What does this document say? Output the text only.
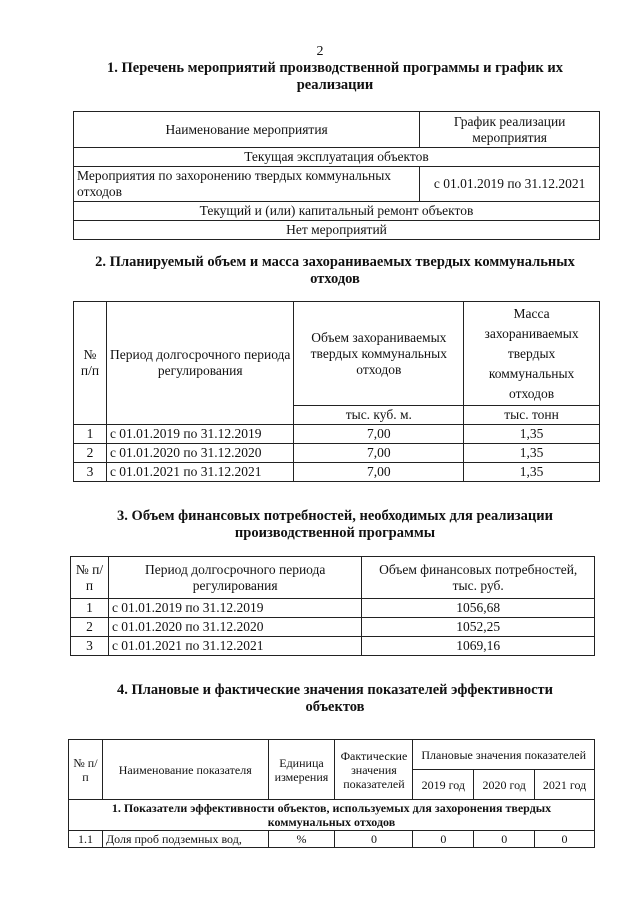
2
1. Перечень мероприятий производственной программы и график их
реализации
Наименование мероприятия	График реализации мероприятия
Текущая эксплуатация объектов	
Мероприятия по захоронению твердых коммунальных отходов	с 01.01.2019 по 31.12.2021
Текущий и (или) капитальный ремонт объектов	
Нет мероприятий	
2. Планируемый объем и масса захораниваемых твердых коммунальных
отходов
№ п/п	Период долгосрочного периода регулирования	Объем захораниваемых твердых коммунальных отходов	Масса захораниваемых твердых коммунальных отходов
		тыс. куб. м.	тыс. тонн
1	с 01.01.2019 по 31.12.2019	7,00	1,35
2	с 01.01.2020 по 31.12.2020	7,00	1,35
3	с 01.01.2021 по 31.12.2021	7,00	1,35
3. Объем финансовых потребностей, необходимых для реализации
производственной программы
№ п/п	Период долгосрочного периода регулирования	Объем финансовых потребностей, тыс. руб.
1	с 01.01.2019 по 31.12.2019	1056,68
2	с 01.01.2020 по 31.12.2020	1052,25
3	с 01.01.2021 по 31.12.2021	1069,16
4. Плановые и фактические значения показателей эффективности
объектов
№ п/п	Наименование показателя	Единица измерения	Фактические значения показателей	Плановые значения показателей		
				2019 год	2020 год	2021 год
1. Показатели эффективности объектов, используемых для захоронения твердых коммунальных отходов						
1.1	Доля проб подземных вод,	%	0	0	0	0
